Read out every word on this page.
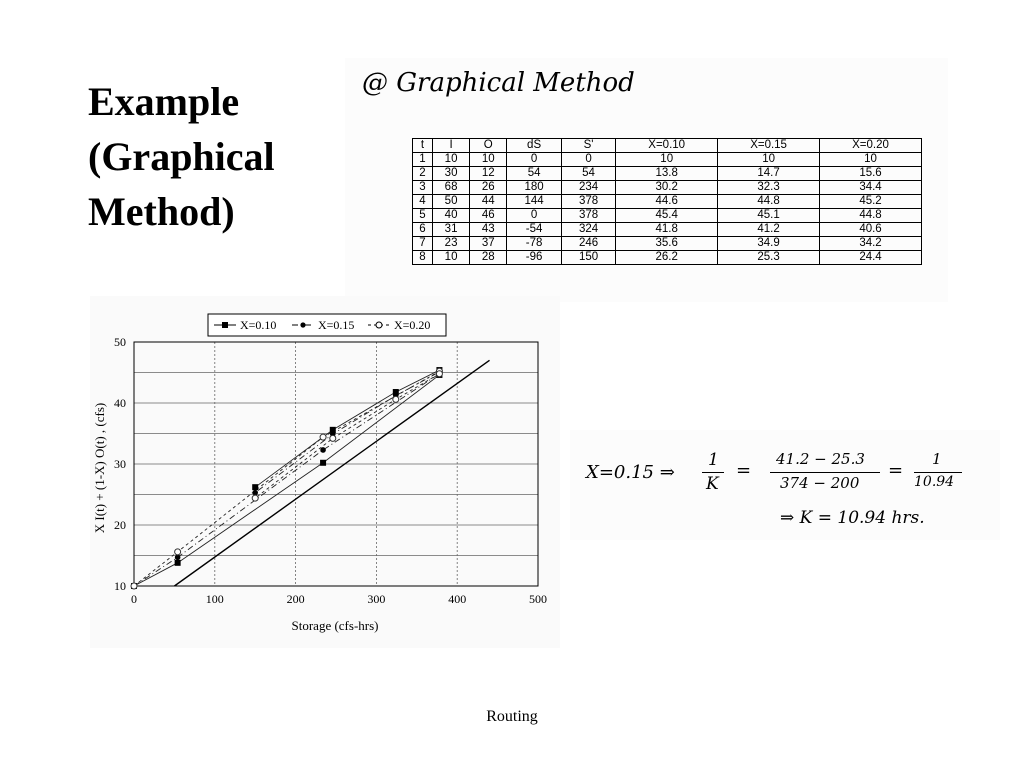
Example
(Graphical
Method)
@ Graphical Method
t	I	O	dS	S'	X=0.10	X=0.15	X=0.20
1	10	10	0	0	10	10	10
2	30	12	54	54	13.8	14.7	15.6
3	68	26	180	234	30.2	32.3	34.4
4	50	44	144	378	44.6	44.8	45.2
5	40	46	0	378	45.4	45.1	44.8
6	31	43	-54	324	41.8	41.2	40.6
7	23	37	-78	246	35.6	34.9	34.2
8	10	28	-96	150	26.2	25.3	24.4
0	100	200	300	400	500
10
20
30
40
50
X=0.10	X=0.15	X=0.20
Storage (cfs-hrs)
X I(t) + (1-X) O(t) , (cfs)	X=0.15 ⇒
1
K
=
41.2 − 25.3
374 − 200
=
1
10.94
⇒ K = 10.94 hrs.
Routing
